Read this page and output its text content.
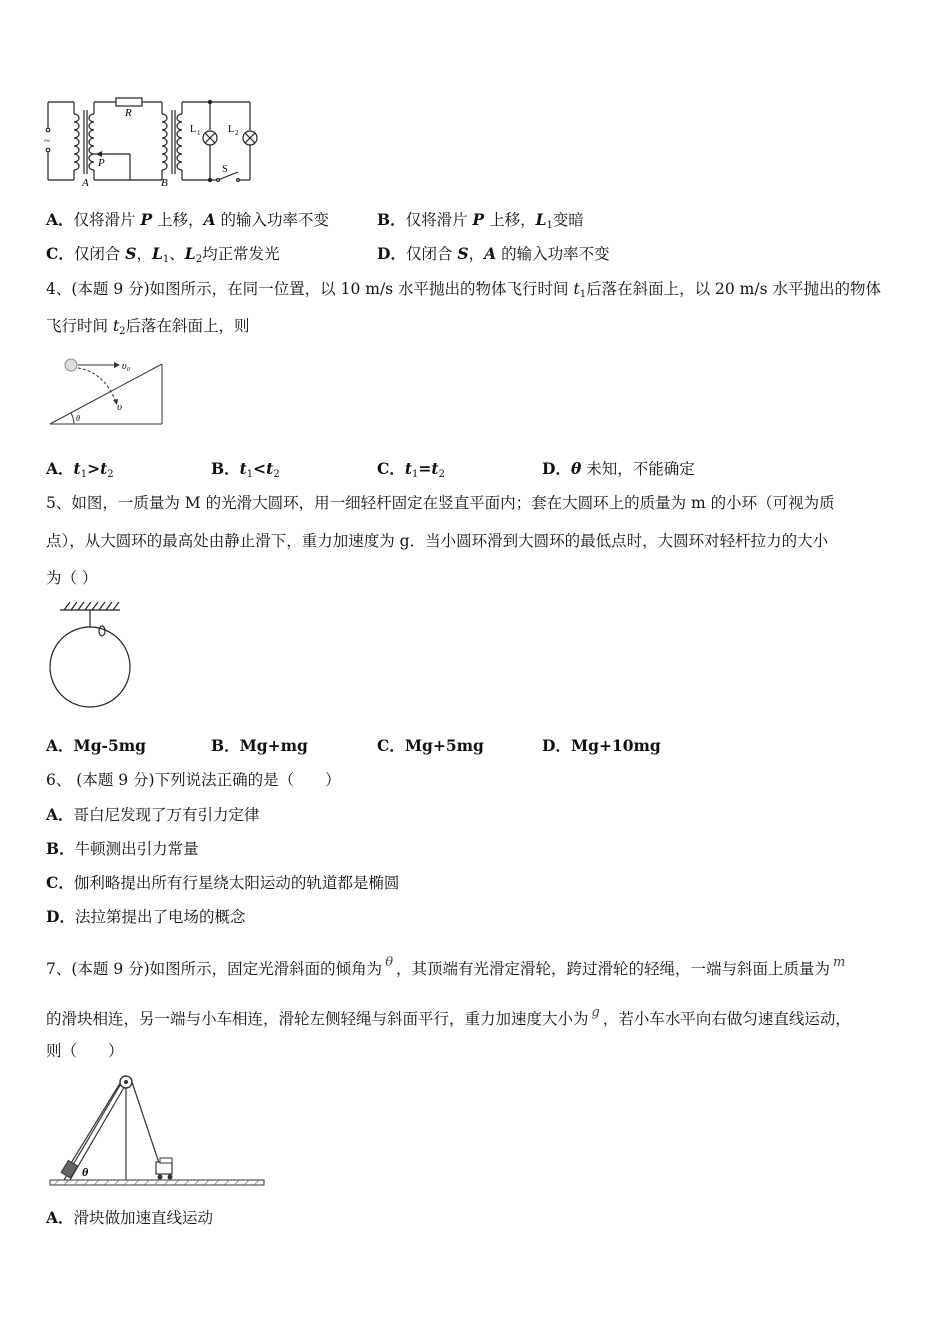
~
R
P
A	B
L 1	L 2
S
A．仅将滑片 P 上移，A 的输入功率不变	B．仅将滑片 P 上移，$L_1$变暗
C．仅闭合 S，$L_1$、$L_2$均正常发光	D．仅闭合 S，A 的输入功率不变
4、(本题 9 分)如图所示，在同一位置，以 10 m/s 水平抛出的物体飞行时间 $t_1$后落在斜面上，以 20 m/s 水平抛出的物体
飞行时间 $t_2$后落在斜面上，则
υ₀
υ
θ
A．$t_1>t_2$	B．$t_1<t_2$	C．$t_1=t_2$	D．θ 未知，不能确定
5、如图，一质量为 M 的光滑大圆环，用一细轻杆固定在竖直平面内；套在大圆环上的质量为 m 的小环（可视为质
点），从大圆环的最高处由静止滑下，重力加速度为 g．当小圆环滑到大圆环的最低点时，大圆环对轻杆拉力的大小
为（ ）
A．Mg-5mg	B．Mg+mg	C．Mg+5mg	D．Mg+10mg
6、 (本题 9 分)下列说法正确的是（　　）
A．哥白尼发现了万有引力定律
B．牛顿测出引力常量
C．伽利略提出所有行星绕太阳运动的轨道都是椭圆
D．法拉第提出了电场的概念
7、(本题 9 分)如图所示，固定光滑斜面的倾角为 $^\theta$ ，其顶端有光滑定滑轮，跨过滑轮的轻绳，一端与斜面上质量为 $^m$
的滑块相连，另一端与小车相连，滑轮左侧轻绳与斜面平行，重力加速度大小为 $^g$ ，若小车水平向右做匀速直线运动，
则（　　）
θ
A．滑块做加速直线运动
